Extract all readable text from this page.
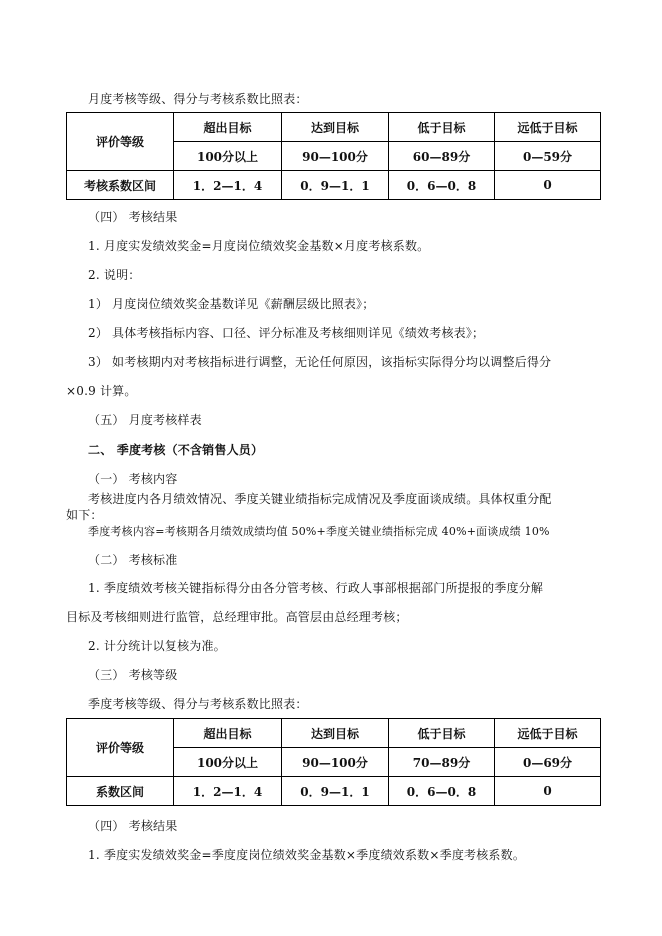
月度考核等级、得分与考核系数比照表：
评价等级	超出目标	达到目标	低于目标	远低于目标
	100分以上	90—100分	60—89分	0—59分
考核系数区间	1．2—1．4	0．9—1．1	0．6—0．8	0
（四） 考核结果
1. 月度实发绩效奖金=月度岗位绩效奖金基数×月度考核系数。
2. 说明：
1） 月度岗位绩效奖金基数详见《薪酬层级比照表》；
2） 具体考核指标内容、口径、评分标准及考核细则详见《绩效考核表》；
3） 如考核期内对考核指标进行调整，无论任何原因，该指标实际得分均以调整后得分
×0.9 计算。
（五） 月度考核样表
二、 季度考核（不含销售人员）
（一） 考核内容
考核进度内各月绩效情况、季度关键业绩指标完成情况及季度面谈成绩。具体权重分配
如下：
季度考核内容=考核期各月绩效成绩均值 50%+季度关键业绩指标完成 40%+面谈成绩 10%
（二） 考核标准
1. 季度绩效考核关键指标得分由各分管考核、行政人事部根据部门所提报的季度分解
目标及考核细则进行监管，总经理审批。高管层由总经理考核；
2. 计分统计以复核为准。
（三） 考核等级
季度考核等级、得分与考核系数比照表：
评价等级	超出目标	达到目标	低于目标	远低于目标
	100分以上	90—100分	70—89分	0—69分
系数区间	1．2—1．4	0．9—1．1	0．6—0．8	0
（四） 考核结果
1. 季度实发绩效奖金=季度度岗位绩效奖金基数×季度绩效系数×季度考核系数。
